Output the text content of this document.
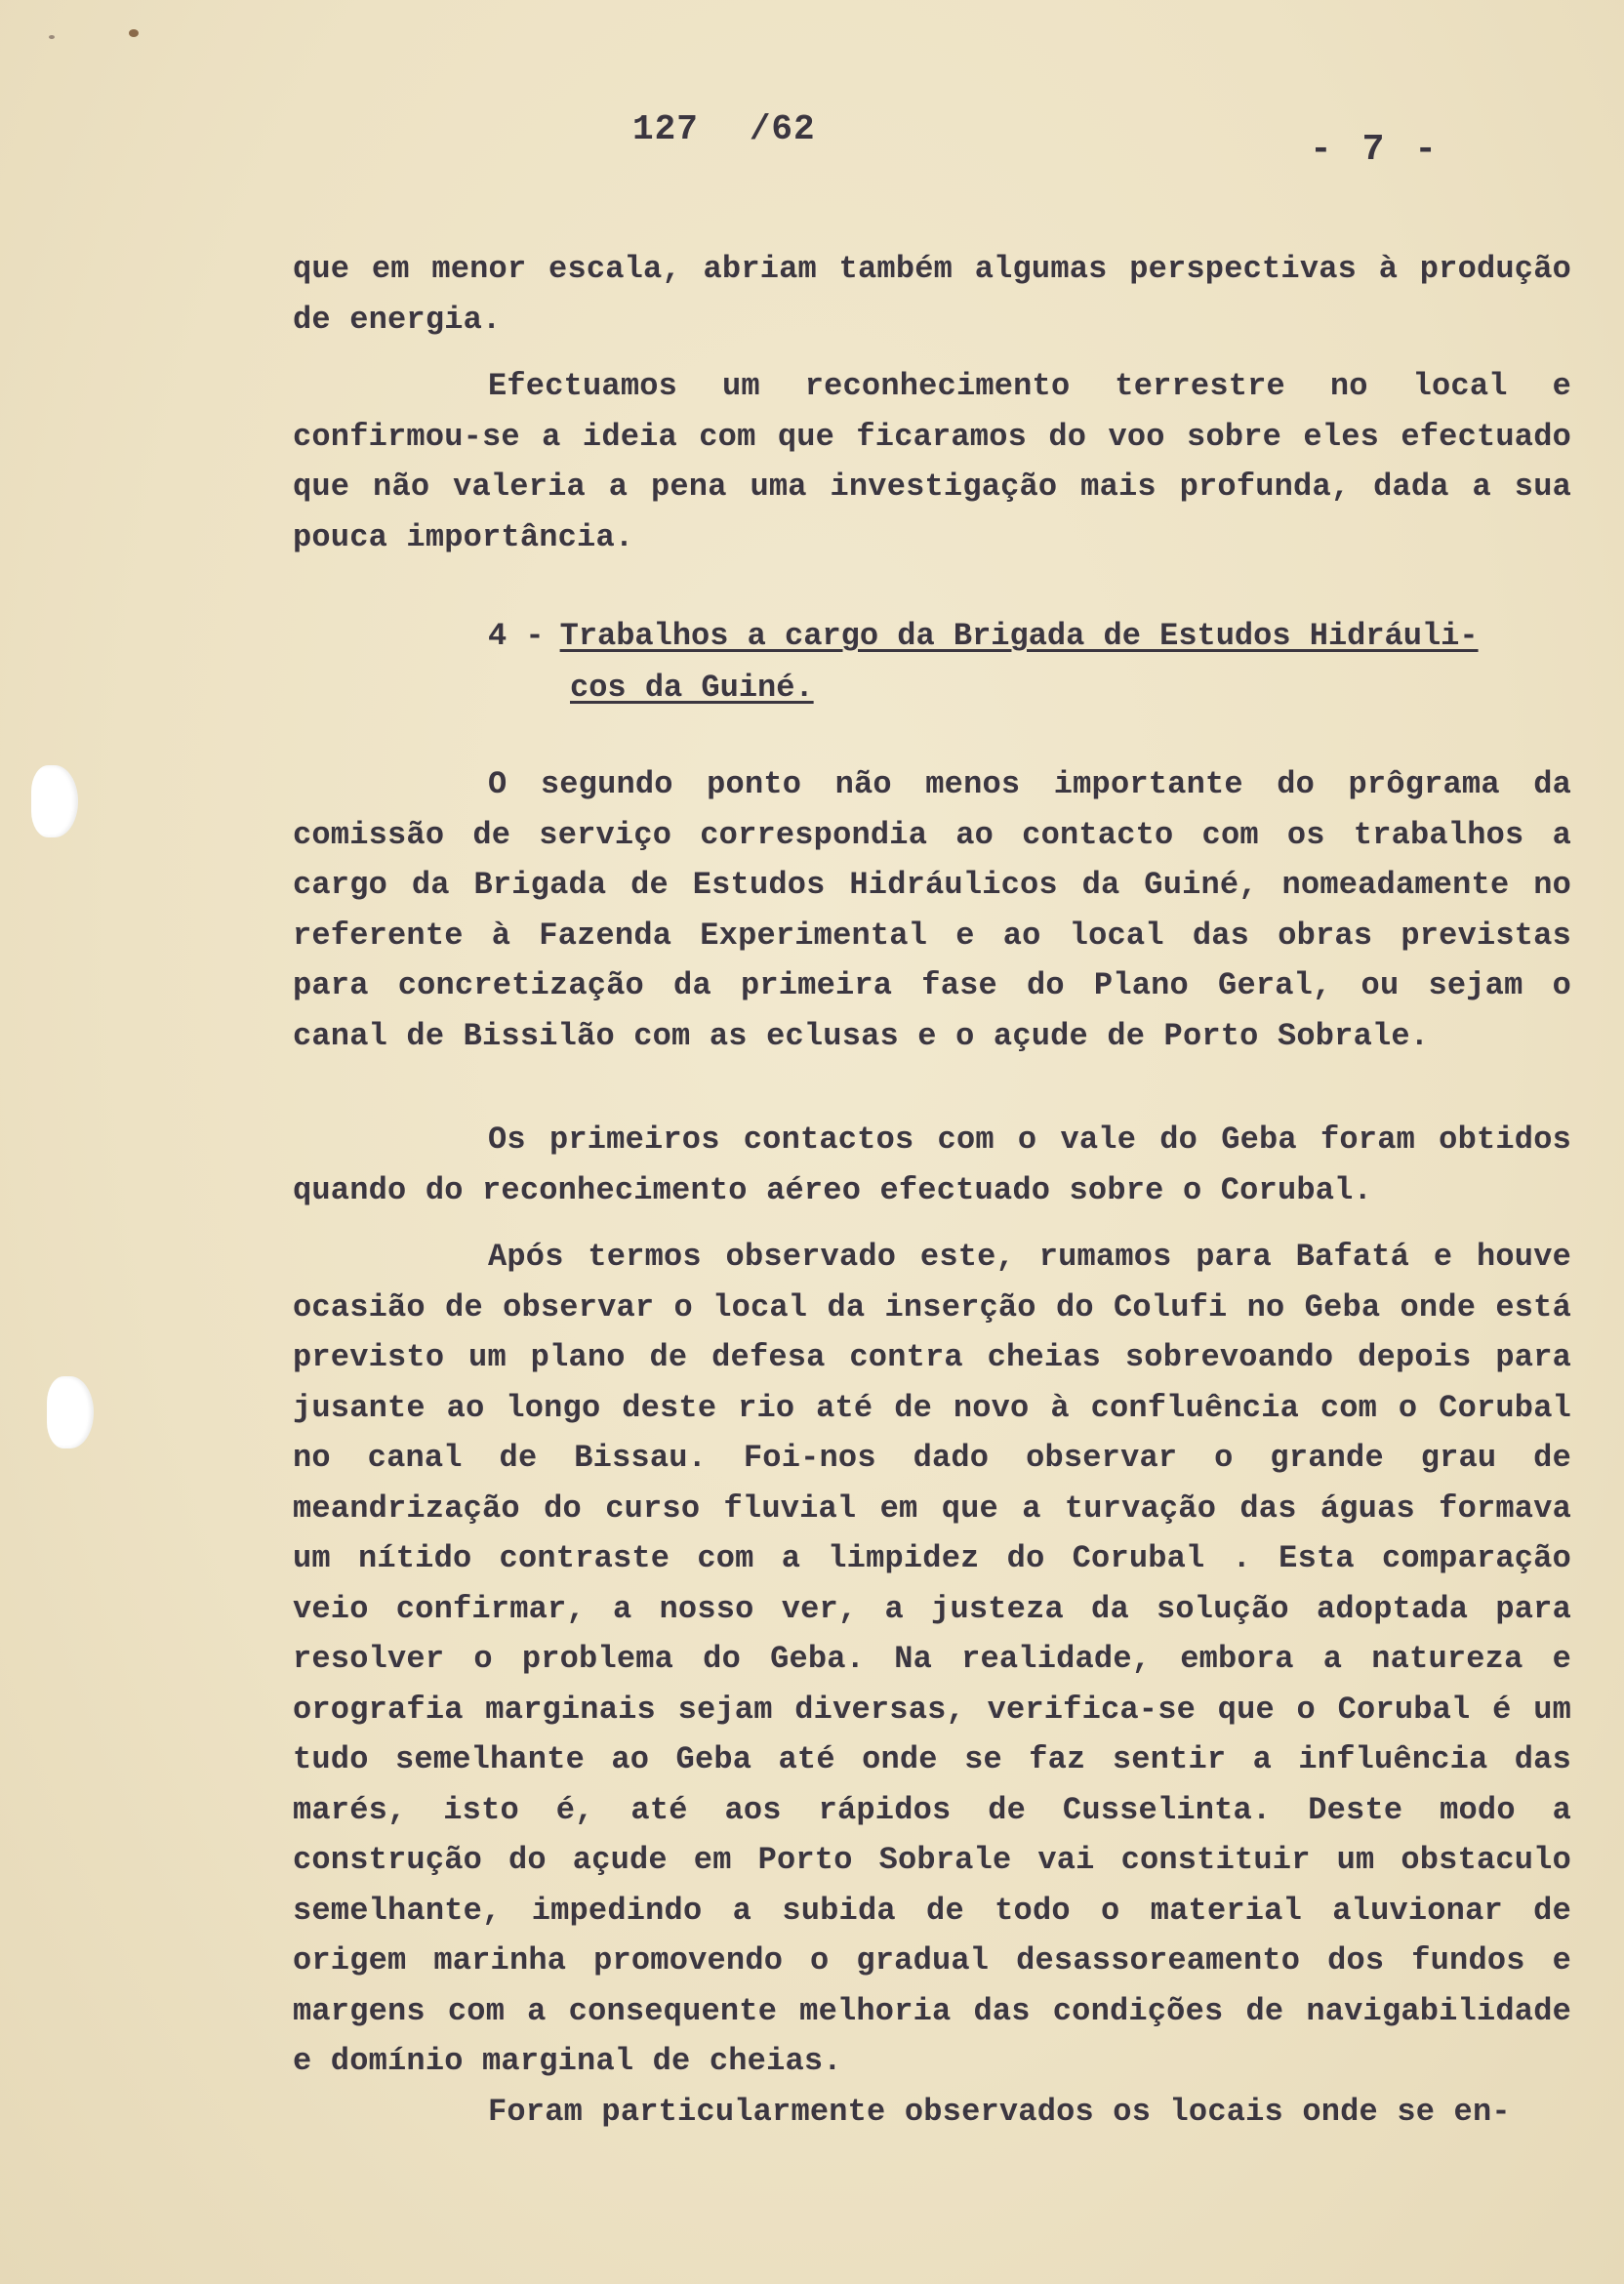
127 /62	- 7 -

que em menor escala, abriam também algumas perspectivas à produção de energia.

Efectuamos um reconhecimento terrestre no local e confirmou-se a ideia com que ficaramos do voo sobre eles efectuado que não valeria a pena uma investigação mais profunda, dada a sua pouca importância.

4 - Trabalhos a cargo da Brigada de Estudos Hidráuli-
cos da Guiné.

O segundo ponto não menos importante do prôgrama da comissão de serviço correspondia ao contacto com os trabalhos a cargo da Brigada de Estudos Hidráulicos da Guiné, nomeadamente no referente à Fazenda Experimental e ao local das obras previstas para concretização da primeira fase do Plano Geral, ou sejam o canal de Bissilão com as eclusas e o açude de Porto Sobrale.

Os primeiros contactos com o vale do Geba foram obtidos quando do reconhecimento aéreo efectuado sobre o Corubal.

Após termos observado este, rumamos para Bafatá e houve ocasião de observar o local da inserção do Colufi no Geba onde está previsto um plano de defesa contra cheias sobrevoando depois para jusante ao longo deste rio até de novo à confluência com o Corubal no canal de Bissau. Foi-nos dado observar o grande grau de meandrização do curso fluvial em que a turvação das águas formava um nítido contraste com a limpidez do Corubal . Esta comparação veio confirmar, a nosso ver, a justeza da solução adoptada para resolver o problema do Geba. Na realidade, embora a natureza e orografia marginais sejam diversas, verifica-se que o Corubal é um tudo semelhante ao Geba até onde se faz sentir a influência das marés, isto é, até aos rápidos de Cusselinta. Deste modo a construção do açude em Porto Sobrale vai constituir um obstaculo semelhante, impedindo a subida de todo o material aluvionar de origem marinha promovendo o gradual desassoreamento dos fundos e margens com a consequente melhoria das condições de navigabilidade e domínio marginal de cheias.

Foram particularmente observados os locais onde se en-
